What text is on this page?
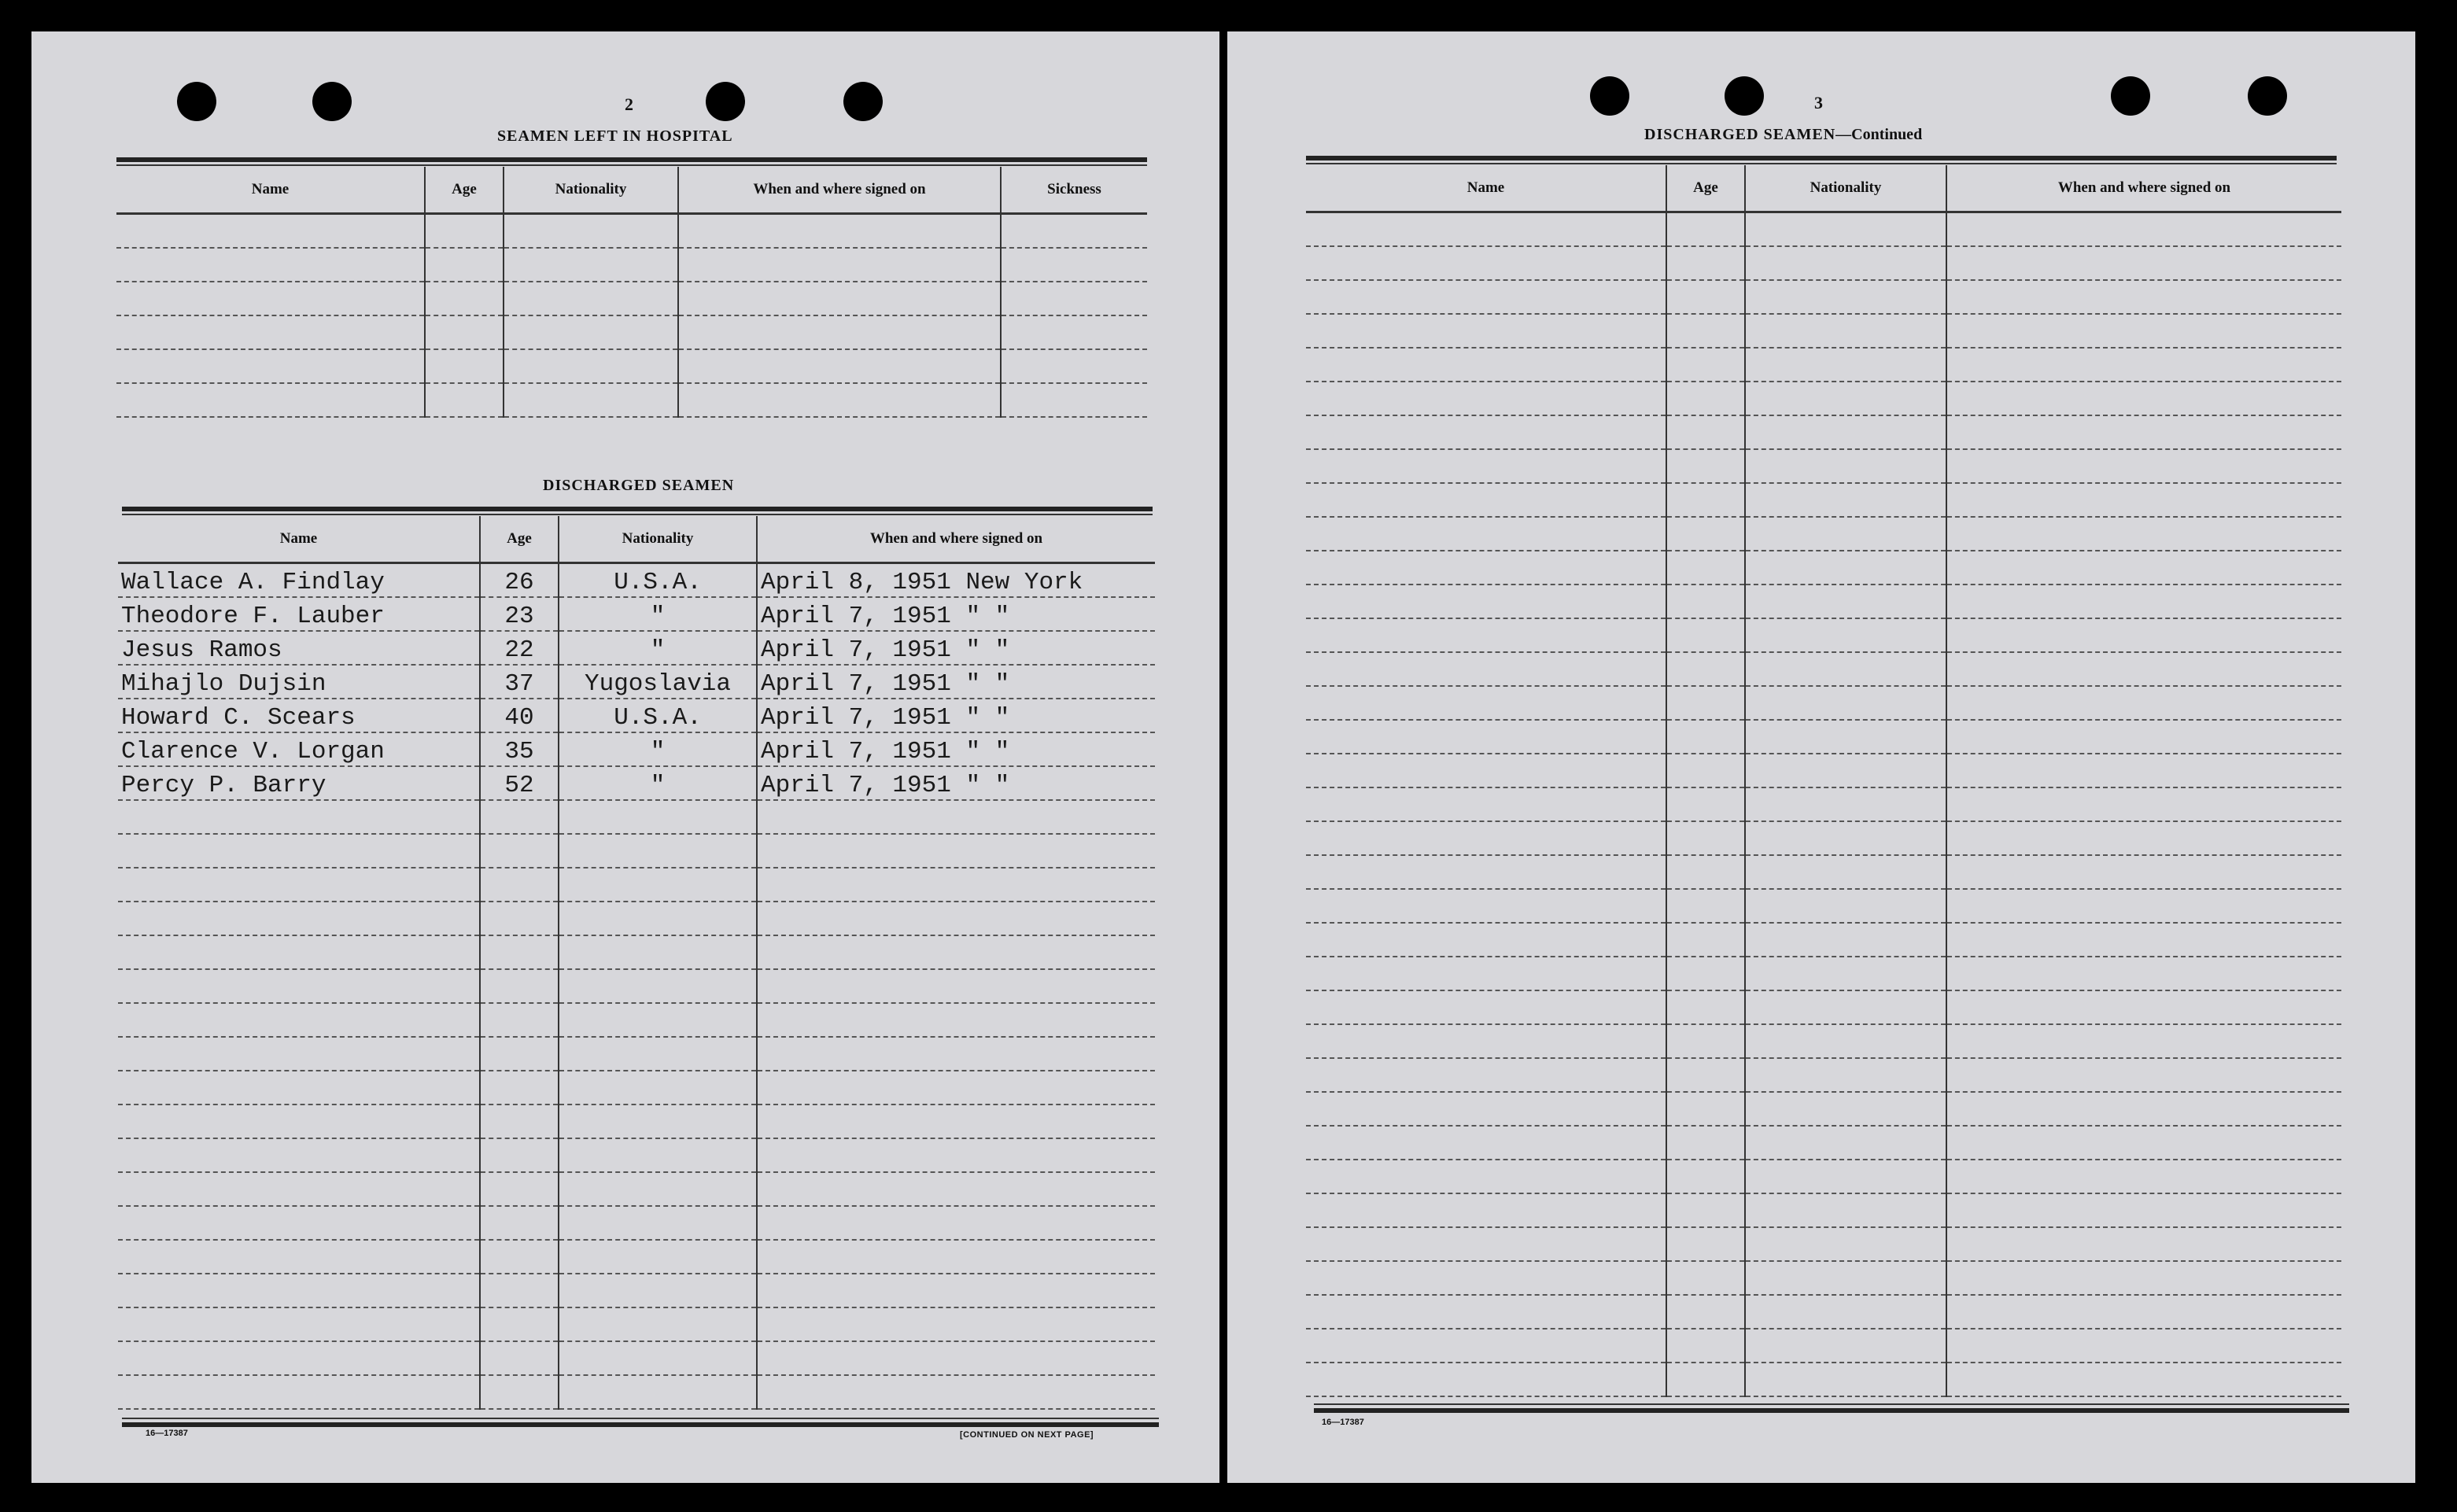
2
SEAMEN LEFT IN HOSPITAL
Name	Age	Nationality	When and where signed on	Sickness

DISCHARGED SEAMEN
Name	Age	Nationality	When and where signed on
Wallace A. Findlay	26	U.S.A.	April 8, 1951 New York
Theodore F. Lauber	23	"	April 7, 1951 " "
Jesus Ramos	22	"	April 7, 1951 " "
Mihajlo Dujsin	37	Yugoslavia	April 7, 1951 " "
Howard C. Scears	40	U.S.A.	April 7, 1951 " "
Clarence V. Lorgan	35	"	April 7, 1951 " "
Percy P. Barry	52	"	April 7, 1951 " "

16—17387	[CONTINUED ON NEXT PAGE]
3
DISCHARGED SEAMEN—Continued
Name	Age	Nationality	When and where signed on

16—17387
